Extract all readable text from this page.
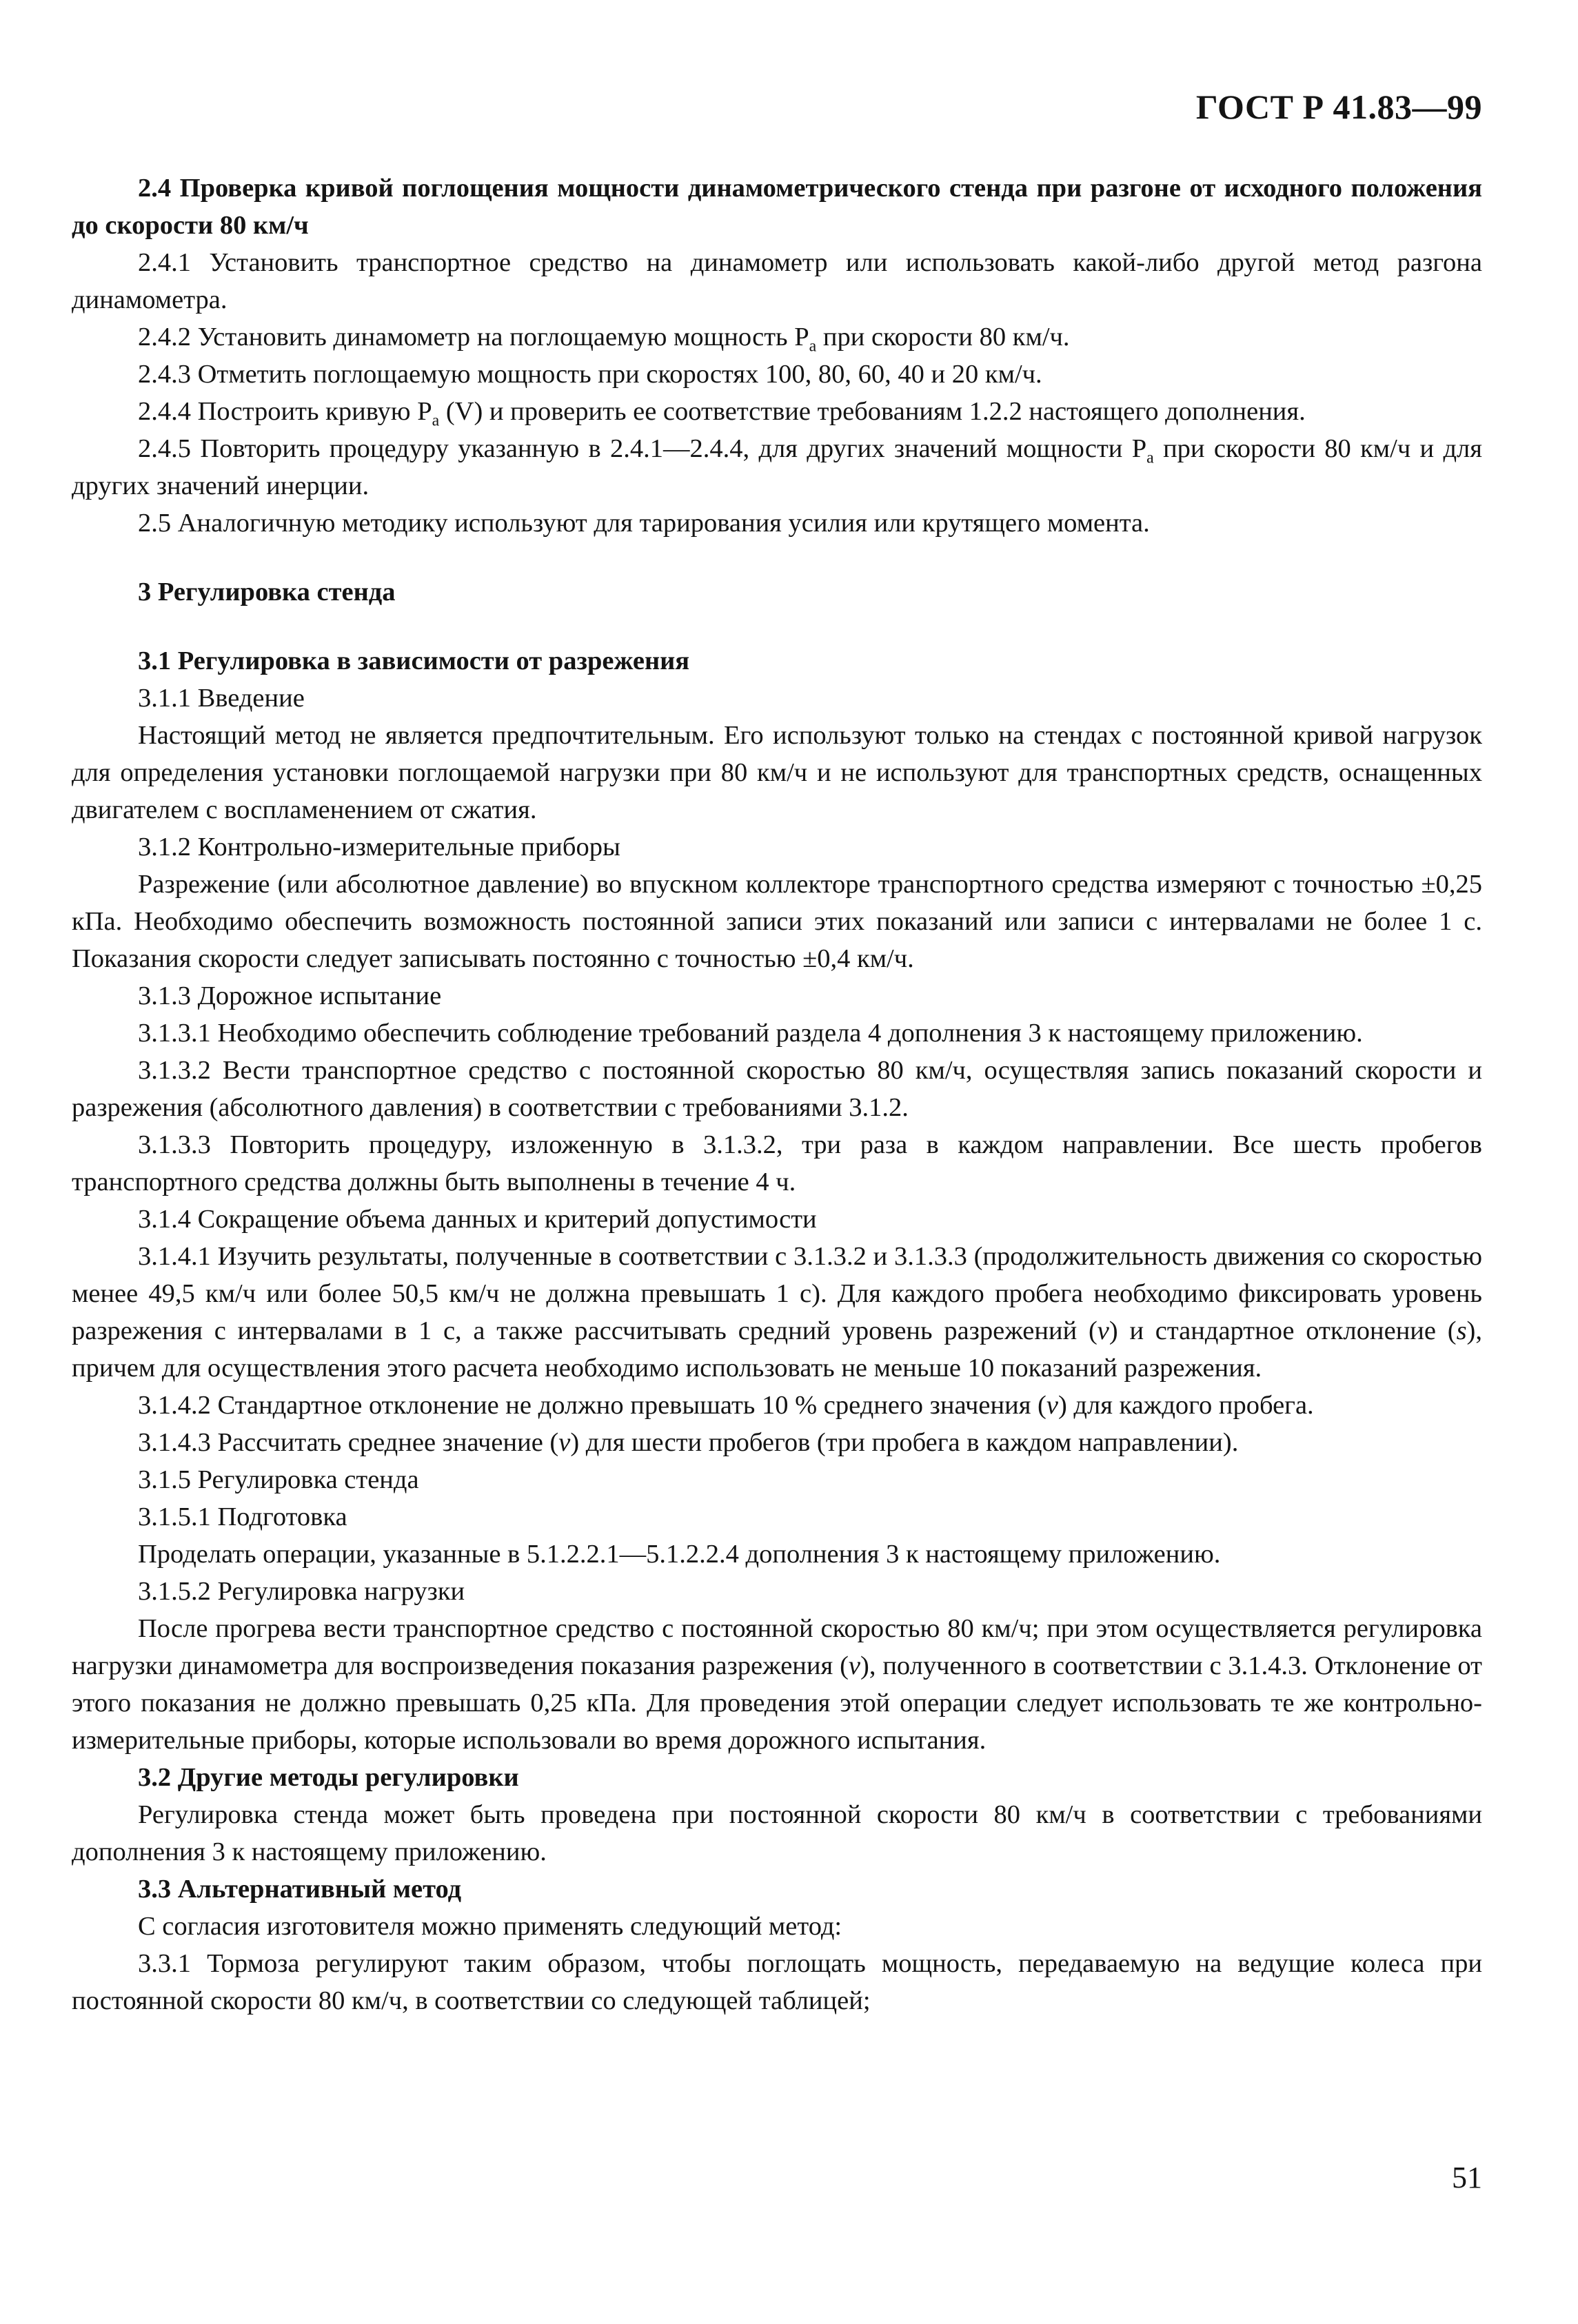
ГОСТ Р 41.83—99

2.4 Проверка кривой поглощения мощности динамометрического стенда при разгоне от исходного положения до скорости 80 км/ч

2.4.1 Установить транспортное средство на динамометр или использовать какой-либо другой метод разгона динамометра.

2.4.2 Установить динамометр на поглощаемую мощность $P_a$ при скорости 80 км/ч.

2.4.3 Отметить поглощаемую мощность при скоростях 100, 80, 60, 40 и 20 км/ч.

2.4.4 Построить кривую $P_a$ (V) и проверить ее соответствие требованиям 1.2.2 настоящего дополнения.

2.4.5 Повторить процедуру указанную в 2.4.1—2.4.4, для других значений мощности $P_a$ при скорости 80 км/ч и для других значений инерции.

2.5 Аналогичную методику используют для тарирования усилия или крутящего момента.

3 Регулировка стенда

3.1 Регулировка в зависимости от разрежения

3.1.1 Введение

Настоящий метод не является предпочтительным. Его используют только на стендах с постоянной кривой нагрузок для определения установки поглощаемой нагрузки при 80 км/ч и не используют для транспортных средств, оснащенных двигателем с воспламенением от сжатия.

3.1.2 Контрольно-измерительные приборы

Разрежение (или абсолютное давление) во впускном коллекторе транспортного средства измеряют с точностью ±0,25 кПа. Необходимо обеспечить возможность постоянной записи этих показаний или записи с интервалами не более 1 с. Показания скорости следует записывать постоянно с точностью ±0,4 км/ч.

3.1.3 Дорожное испытание

3.1.3.1 Необходимо обеспечить соблюдение требований раздела 4 дополнения 3 к настоящему приложению.

3.1.3.2 Вести транспортное средство с постоянной скоростью 80 км/ч, осуществляя запись показаний скорости и разрежения (абсолютного давления) в соответствии с требованиями 3.1.2.

3.1.3.3 Повторить процедуру, изложенную в 3.1.3.2, три раза в каждом направлении. Все шесть пробегов транспортного средства должны быть выполнены в течение 4 ч.

3.1.4 Сокращение объема данных и критерий допустимости

3.1.4.1 Изучить результаты, полученные в соответствии с 3.1.3.2 и 3.1.3.3 (продолжительность движения со скоростью менее 49,5 км/ч или более 50,5 км/ч не должна превышать 1 с). Для каждого пробега необходимо фиксировать уровень разрежения с интервалами в 1 с, а также рассчитывать средний уровень разрежений (v) и стандартное отклонение (s), причем для осуществления этого расчета необходимо использовать не меньше 10 показаний разрежения.

3.1.4.2 Стандартное отклонение не должно превышать 10 % среднего значения (v) для каждого пробега.

3.1.4.3 Рассчитать среднее значение (v) для шести пробегов (три пробега в каждом направлении).

3.1.5 Регулировка стенда

3.1.5.1 Подготовка

Проделать операции, указанные в 5.1.2.2.1—5.1.2.2.4 дополнения 3 к настоящему приложению.

3.1.5.2 Регулировка нагрузки

После прогрева вести транспортное средство с постоянной скоростью 80 км/ч; при этом осуществляется регулировка нагрузки динамометра для воспроизведения показания разрежения (v), полученного в соответствии с 3.1.4.3. Отклонение от этого показания не должно превышать 0,25 кПа. Для проведения этой операции следует использовать те же контрольно-измерительные приборы, которые использовали во время дорожного испытания.

3.2 Другие методы регулировки

Регулировка стенда может быть проведена при постоянной скорости 80 км/ч в соответствии с требованиями дополнения 3 к настоящему приложению.

3.3 Альтернативный метод

С согласия изготовителя можно применять следующий метод:

3.3.1 Тормоза регулируют таким образом, чтобы поглощать мощность, передаваемую на ведущие колеса при постоянной скорости 80 км/ч, в соответствии со следующей таблицей;

51
